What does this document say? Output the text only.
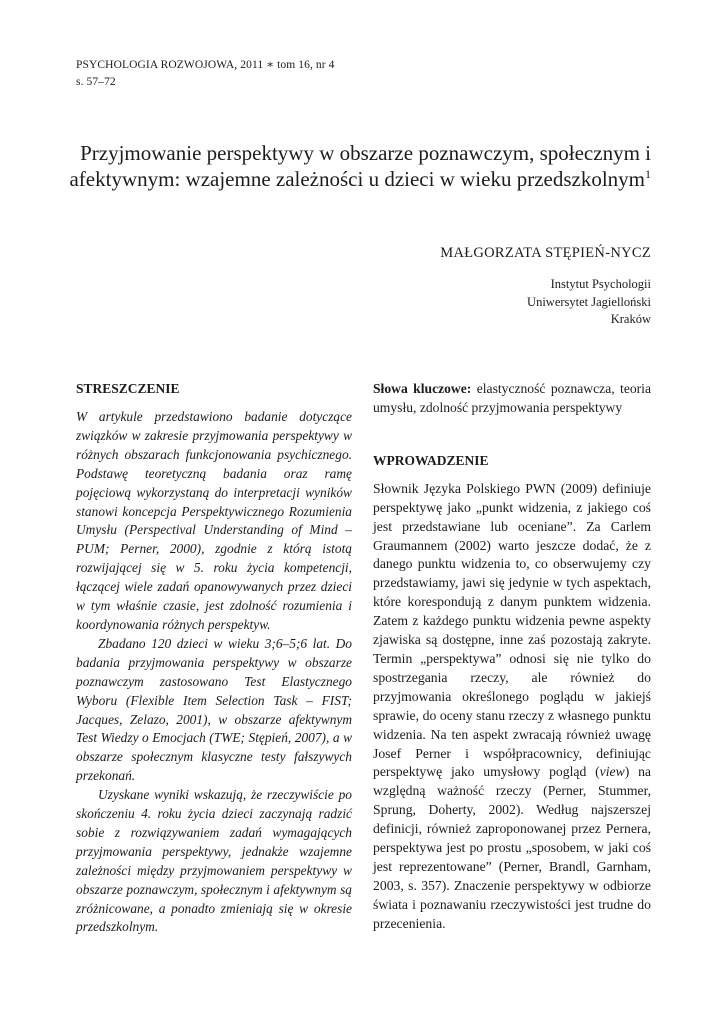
PSYCHOLOGIA ROZWOJOWA, 2011 ∗ tom 16, nr 4
s. 57–72
Przyjmowanie perspektywy w obszarze poznawczym, społecznym i afektywnym: wzajemne zależności u dzieci w wieku przedszkolnym$^1$
MAŁGORZATA STĘPIEŃ-NYCZ
Instytut Psychologii
Uniwersytet Jagielloński
Kraków
STRESZCZENIE

W artykule przedstawiono badanie dotyczące związków w zakresie przyjmowania perspektywy w różnych obszarach funkcjonowania psychicznego. Podstawę teoretyczną badania oraz ramę pojęciową wykorzystaną do interpretacji wyników stanowi koncepcja Perspektywicznego Rozumienia Umysłu (Perspectival Understanding of Mind – PUM; Perner, 2000), zgodnie z którą istotą rozwijającej się w 5. roku życia kompetencji, łączącej wiele zadań opanowywanych przez dzieci w tym właśnie czasie, jest zdolność rozumienia i koordynowania różnych perspektyw.

Zbadano 120 dzieci w wieku 3;6–5;6 lat. Do badania przyjmowania perspektywy w obszarze poznawczym zastosowano Test Elastycznego Wyboru (Flexible Item Selection Task – FIST; Jacques, Zelazo, 2001), w obszarze afektywnym Test Wiedzy o Emocjach (TWE; Stępień, 2007), a w obszarze społecznym klasyczne testy fałszywych przekonań.

Uzyskane wyniki wskazują, że rzeczywiście po skończeniu 4. roku życia dzieci zaczynają radzić sobie z rozwiązywaniem zadań wymagających przyjmowania perspektywy, jednakże wzajemne zależności między przyjmowaniem perspektywy w obszarze poznawczym, społecznym i afektywnym są zróżnicowane, a ponadto zmieniają się w okresie przedszkolnym.

Słowa kluczowe: elastyczność poznawcza, teoria umysłu, zdolność przyjmowania perspektywy

WPROWADZENIE

Słownik Języka Polskiego PWN (2009) definiuje perspektywę jako „punkt widzenia, z jakiego coś jest przedstawiane lub oceniane”. Za Carlem Graumannem (2002) warto jeszcze dodać, że z danego punktu widzenia to, co obserwujemy czy przedstawiamy, jawi się jedynie w tych aspektach, które korespondują z danym punktem widzenia. Zatem z każdego punktu widzenia pewne aspekty zjawiska są dostępne, inne zaś pozostają zakryte. Termin „perspektywa” odnosi się nie tylko do spostrzegania rzeczy, ale również do przyjmowania określonego poglądu w jakiejś sprawie, do oceny stanu rzeczy z własnego punktu widzenia. Na ten aspekt zwracają również uwagę Josef Perner i współpracownicy, definiując perspektywę jako umysłowy pogląd (view) na względną ważność rzeczy (Perner, Stummer, Sprung, Doherty, 2002). Według najszerszej definicji, również zaproponowanej przez Pernera, perspektywa jest po prostu „sposobem, w jaki coś jest reprezentowane” (Perner, Brandl, Garnham, 2003, s. 357). Znaczenie perspektywy w odbiorze świata i poznawaniu rzeczywistości jest trudne do przecenienia.
